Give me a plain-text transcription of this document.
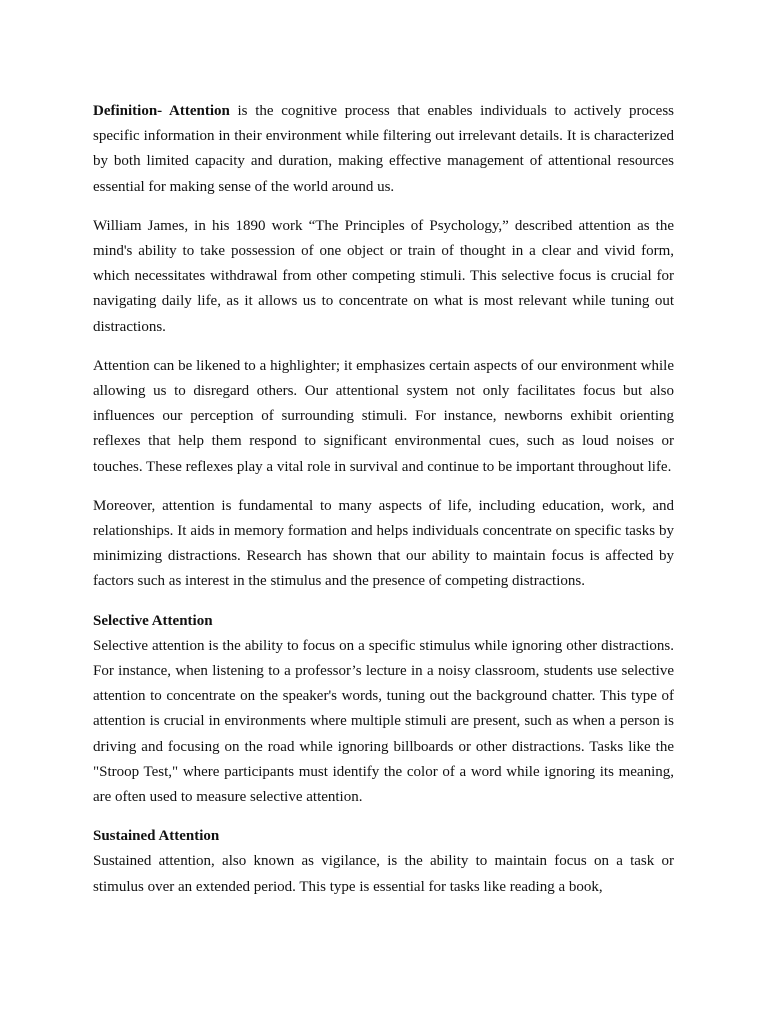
Definition- Attention is the cognitive process that enables individuals to actively process specific information in their environment while filtering out irrelevant details. It is characterized by both limited capacity and duration, making effective management of attentional resources essential for making sense of the world around us.

William James, in his 1890 work “The Principles of Psychology,” described attention as the mind's ability to take possession of one object or train of thought in a clear and vivid form, which necessitates withdrawal from other competing stimuli. This selective focus is crucial for navigating daily life, as it allows us to concentrate on what is most relevant while tuning out distractions.

Attention can be likened to a highlighter; it emphasizes certain aspects of our environment while allowing us to disregard others. Our attentional system not only facilitates focus but also influences our perception of surrounding stimuli. For instance, newborns exhibit orienting reflexes that help them respond to significant environmental cues, such as loud noises or touches. These reflexes play a vital role in survival and continue to be important throughout life.

Moreover, attention is fundamental to many aspects of life, including education, work, and relationships. It aids in memory formation and helps individuals concentrate on specific tasks by minimizing distractions. Research has shown that our ability to maintain focus is affected by factors such as interest in the stimulus and the presence of competing distractions.

Selective Attention

Selective attention is the ability to focus on a specific stimulus while ignoring other distractions. For instance, when listening to a professor’s lecture in a noisy classroom, students use selective attention to concentrate on the speaker's words, tuning out the background chatter. This type of attention is crucial in environments where multiple stimuli are present, such as when a person is driving and focusing on the road while ignoring billboards or other distractions. Tasks like the "Stroop Test," where participants must identify the color of a word while ignoring its meaning, are often used to measure selective attention.

Sustained Attention

Sustained attention, also known as vigilance, is the ability to maintain focus on a task or stimulus over an extended period. This type is essential for tasks like reading a book,
